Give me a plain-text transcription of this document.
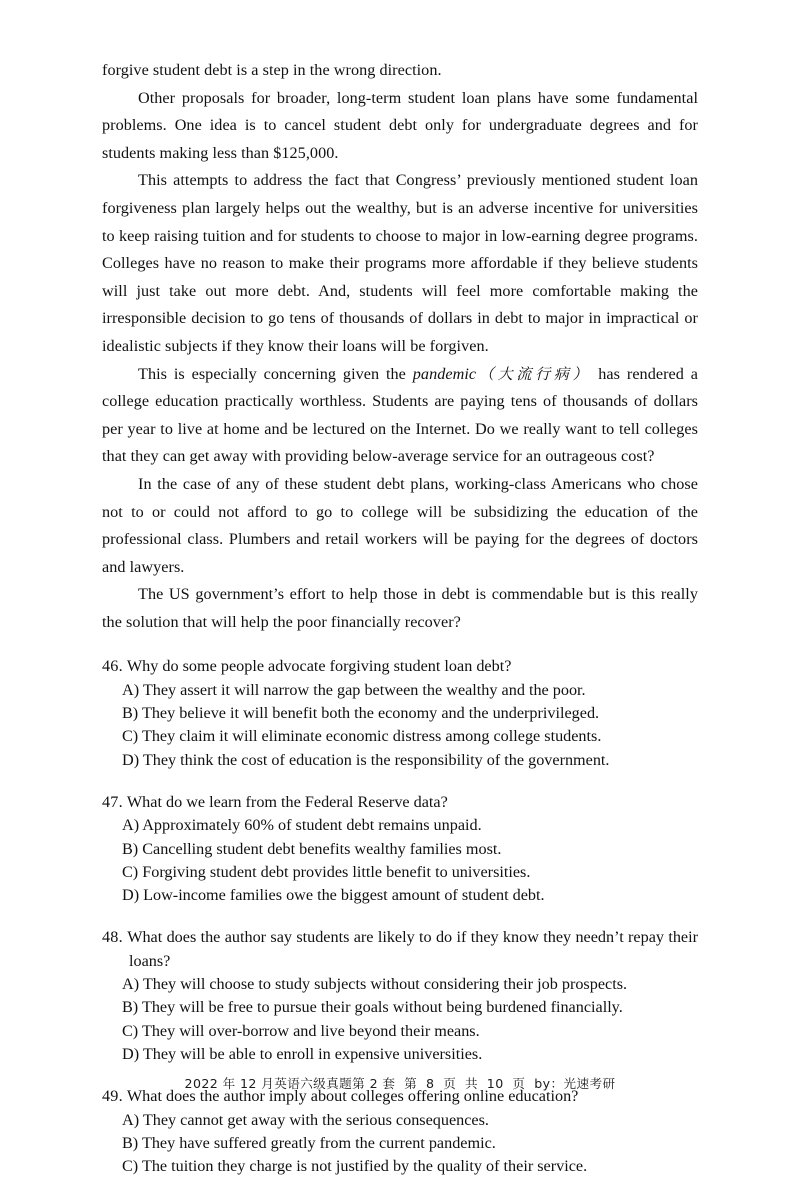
forgive student debt is a step in the wrong direction.

Other proposals for broader, long-term student loan plans have some fundamental problems. One idea is to cancel student debt only for undergraduate degrees and for students making less than $125,000.

This attempts to address the fact that Congress’ previously mentioned student loan forgiveness plan largely helps out the wealthy, but is an adverse incentive for universities to keep raising tuition and for students to choose to major in low-earning degree programs. Colleges have no reason to make their programs more affordable if they believe students will just take out more debt. And, students will feel more comfortable making the irresponsible decision to go tens of thousands of dollars in debt to major in impractical or idealistic subjects if they know their loans will be forgiven.

This is especially concerning given the pandemic（大流行病） has rendered a college education practically worthless. Students are paying tens of thousands of dollars per year to live at home and be lectured on the Internet. Do we really want to tell colleges that they can get away with providing below-average service for an outrageous cost?

In the case of any of these student debt plans, working-class Americans who chose not to or could not afford to go to college will be subsidizing the education of the professional class. Plumbers and retail workers will be paying for the degrees of doctors and lawyers.

The US government’s effort to help those in debt is commendable but is this really the solution that will help the poor financially recover?

46. Why do some people advocate forgiving student loan debt?
A) They assert it will narrow the gap between the wealthy and the poor.
B) They believe it will benefit both the economy and the underprivileged.
C) They claim it will eliminate economic distress among college students.
D) They think the cost of education is the responsibility of the government.
47. What do we learn from the Federal Reserve data?
A) Approximately 60% of student debt remains unpaid.
B) Cancelling student debt benefits wealthy families most.
C) Forgiving student debt provides little benefit to universities.
D) Low-income families owe the biggest amount of student debt.
48. What does the author say students are likely to do if they know they needn’t repay their loans?
A) They will choose to study subjects without considering their job prospects.
B) They will be free to pursue their goals without being burdened financially.
C) They will over-borrow and live beyond their means.
D) They will be able to enroll in expensive universities.
49. What does the author imply about colleges offering online education?
A) They cannot get away with the serious consequences.
B) They have suffered greatly from the current pandemic.
C) The tuition they charge is not justified by the quality of their service.
2022 年 12 月英语六级真题第 2 套  第  8  页  共  10  页  by：光速考研
